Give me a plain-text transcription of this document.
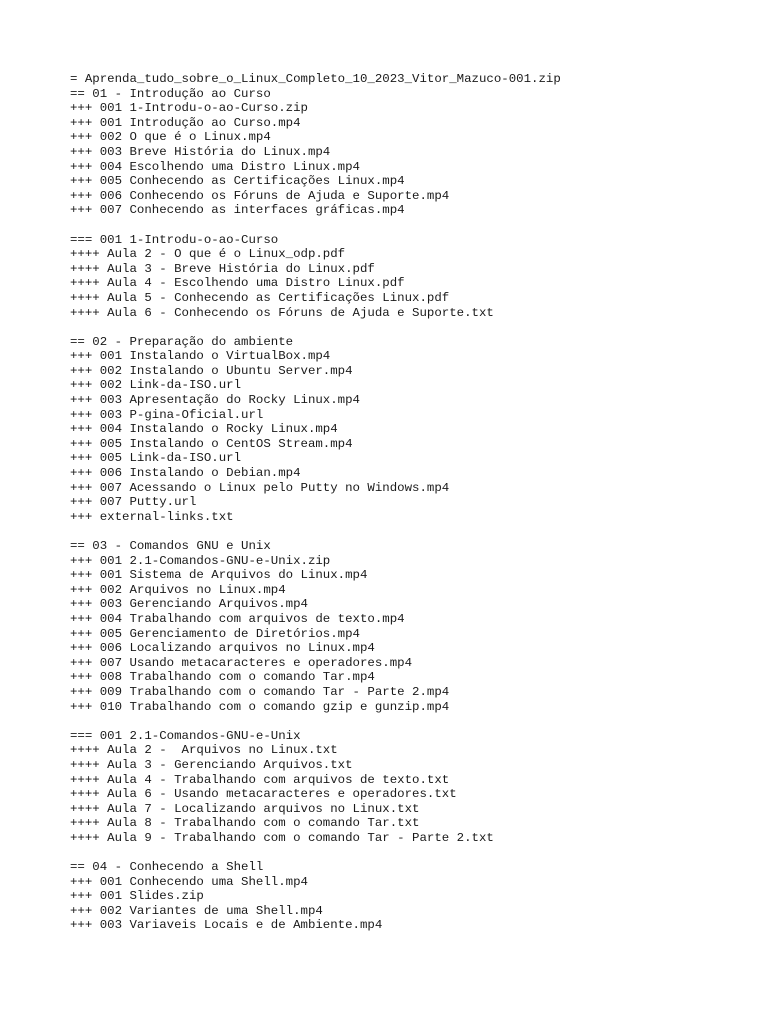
= Aprenda_tudo_sobre_o_Linux_Completo_10_2023_Vitor_Mazuco-001.zip
== 01 - Introdução ao Curso
+++ 001 1-Introdu-o-ao-Curso.zip
+++ 001 Introdução ao Curso.mp4
+++ 002 O que é o Linux.mp4
+++ 003 Breve História do Linux.mp4
+++ 004 Escolhendo uma Distro Linux.mp4
+++ 005 Conhecendo as Certificações Linux.mp4
+++ 006 Conhecendo os Fóruns de Ajuda e Suporte.mp4
+++ 007 Conhecendo as interfaces gráficas.mp4
=== 001 1-Introdu-o-ao-Curso
++++ Aula 2 - O que é o Linux_odp.pdf
++++ Aula 3 - Breve História do Linux.pdf
++++ Aula 4 - Escolhendo uma Distro Linux.pdf
++++ Aula 5 - Conhecendo as Certificações Linux.pdf
++++ Aula 6 - Conhecendo os Fóruns de Ajuda e Suporte.txt
== 02 - Preparação do ambiente
+++ 001 Instalando o VirtualBox.mp4
+++ 002 Instalando o Ubuntu Server.mp4
+++ 002 Link-da-ISO.url
+++ 003 Apresentação do Rocky Linux.mp4
+++ 003 P-gina-Oficial.url
+++ 004 Instalando o Rocky Linux.mp4
+++ 005 Instalando o CentOS Stream.mp4
+++ 005 Link-da-ISO.url
+++ 006 Instalando o Debian.mp4
+++ 007 Acessando o Linux pelo Putty no Windows.mp4
+++ 007 Putty.url
+++ external-links.txt
== 03 - Comandos GNU e Unix
+++ 001 2.1-Comandos-GNU-e-Unix.zip
+++ 001 Sistema de Arquivos do Linux.mp4
+++ 002 Arquivos no Linux.mp4
+++ 003 Gerenciando Arquivos.mp4
+++ 004 Trabalhando com arquivos de texto.mp4
+++ 005 Gerenciamento de Diretórios.mp4
+++ 006 Localizando arquivos no Linux.mp4
+++ 007 Usando metacaracteres e operadores.mp4
+++ 008 Trabalhando com o comando Tar.mp4
+++ 009 Trabalhando com o comando Tar - Parte 2.mp4
+++ 010 Trabalhando com o comando gzip e gunzip.mp4
=== 001 2.1-Comandos-GNU-e-Unix
++++ Aula 2 -  Arquivos no Linux.txt
++++ Aula 3 - Gerenciando Arquivos.txt
++++ Aula 4 - Trabalhando com arquivos de texto.txt
++++ Aula 6 - Usando metacaracteres e operadores.txt
++++ Aula 7 - Localizando arquivos no Linux.txt
++++ Aula 8 - Trabalhando com o comando Tar.txt
++++ Aula 9 - Trabalhando com o comando Tar - Parte 2.txt
== 04 - Conhecendo a Shell
+++ 001 Conhecendo uma Shell.mp4
+++ 001 Slides.zip
+++ 002 Variantes de uma Shell.mp4
+++ 003 Variaveis Locais e de Ambiente.mp4
